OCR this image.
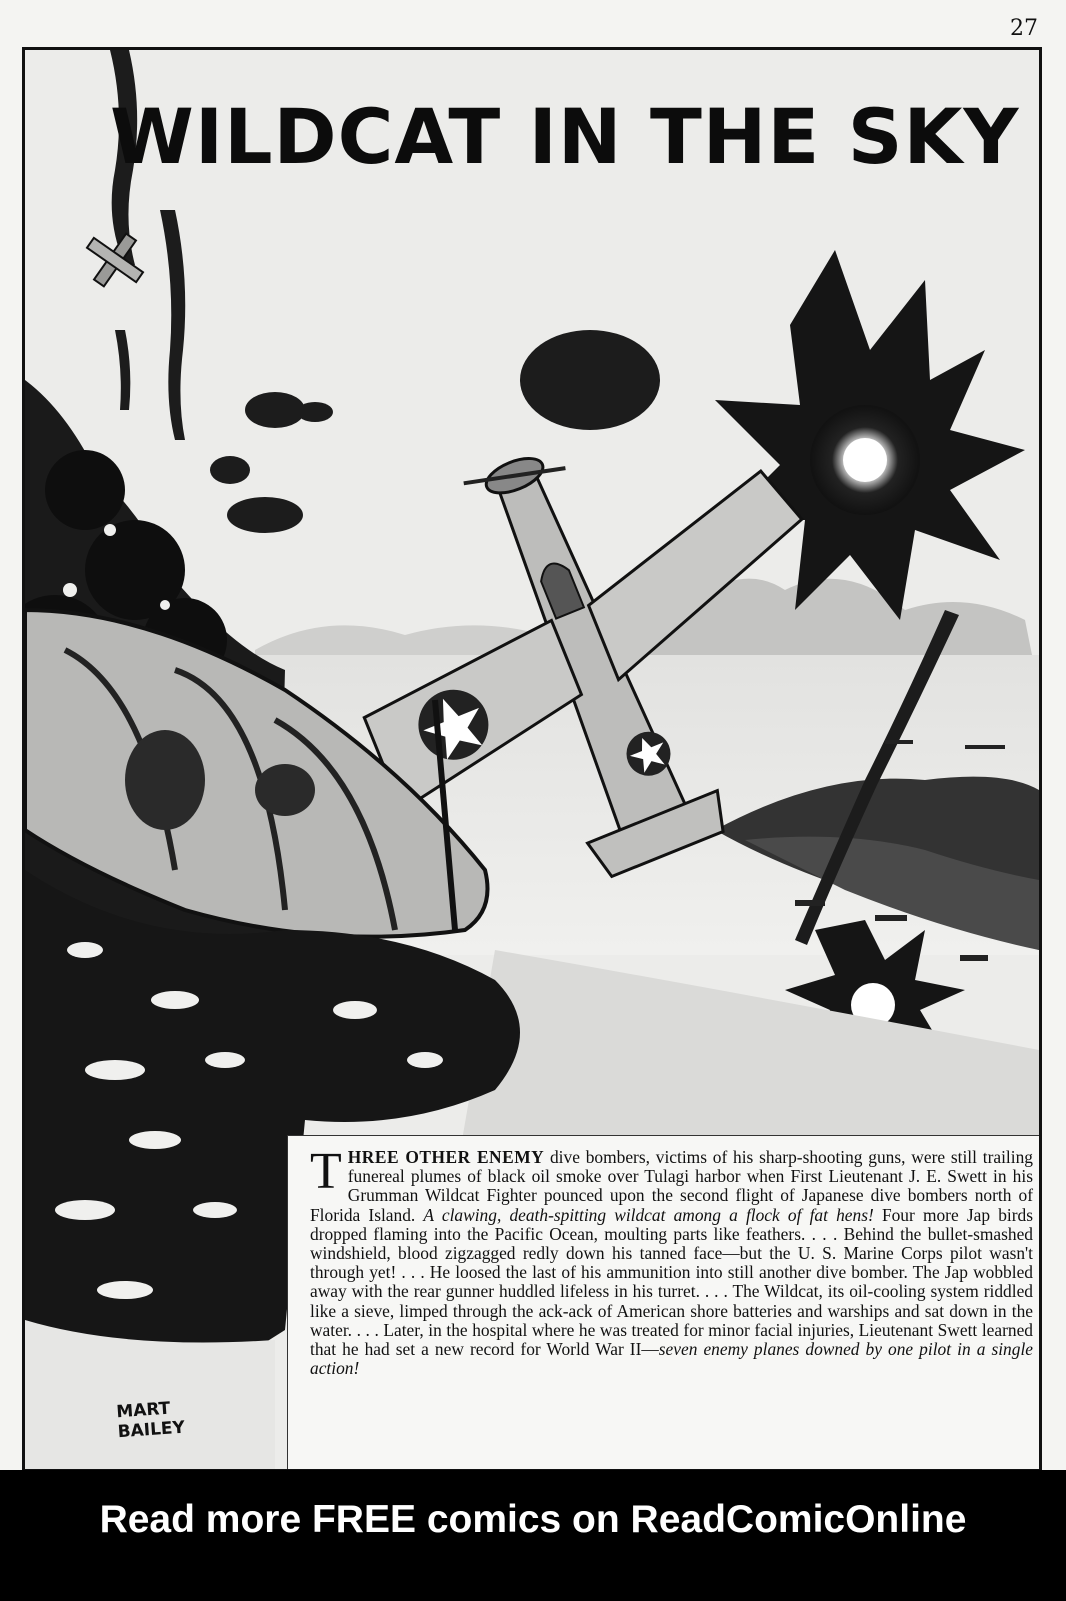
27
MART
BAILEY

THREE OTHER ENEMY dive bombers, victims of his sharp-shooting guns, were still trailing funereal plumes of black oil smoke over Tulagi harbor when First Lieutenant J. E. Swett in his Grumman Wildcat Fighter pounced upon the second flight of Japanese dive bombers north of Florida Island. A clawing, death-spitting wildcat among a flock of fat hens! Four more Jap birds dropped flaming into the Pacific Ocean, moulting parts like feathers. . . . Behind the bullet-smashed windshield, blood zigzagged redly down his tanned face—but the U. S. Marine Corps pilot wasn't through yet! . . . He loosed the last of his ammunition into still another dive bomber. The Jap wobbled away with the rear gunner huddled lifeless in his turret. . . . The Wildcat, its oil-cooling system riddled like a sieve, limped through the ack-ack of American shore batteries and warships and sat down in the water. . . . Later, in the hospital where he was treated for minor facial injuries, Lieutenant Swett learned that he had set a new record for World War II—seven enemy planes downed by one pilot in a single action!

WILDCAT IN THE SKY
Read more FREE comics on ReadComicOnline
